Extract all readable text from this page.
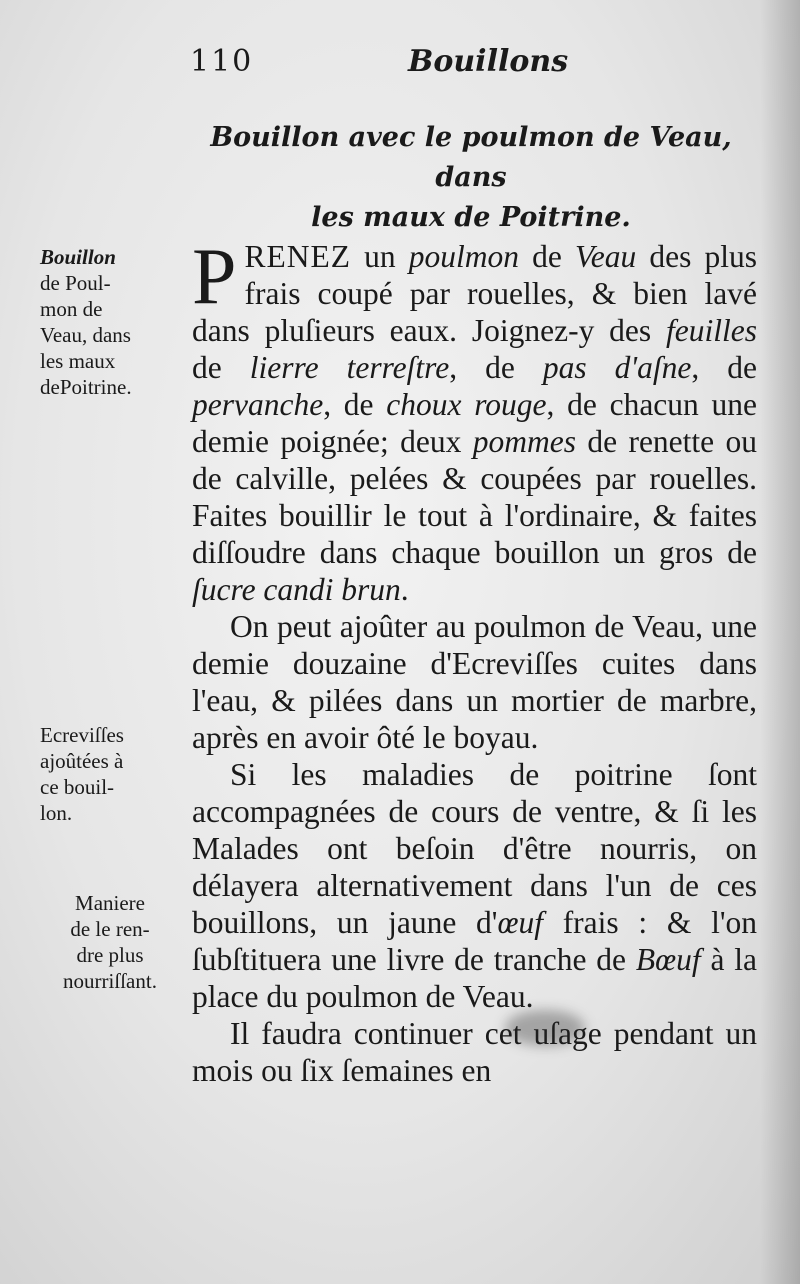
110	Bouillons
Bouillon avec le poulmon de Veau, dans
les maux de Poitrine.
Bouillon
de Poul-
mon de
Veau, dans
les maux
dePoitrine.
Ecreviſſes
ajoûtées à
ce bouil-
lon.
Maniere
de le ren-
dre plus
nourriſſant.

PRENEZ un poulmon de Veau des plus frais coupé par rouelles, & bien lavé dans pluſieurs eaux. Joignez-y des feuilles de lierre terreſtre, de pas d'aſne, de pervanche, de choux rouge, de chacun une demie poignée; deux pommes de renette ou de calville, pelées & coupées par rouelles. Faites bouillir le tout à l'ordinaire, & faites diſſoudre dans chaque bouillon un gros de ſucre candi brun.

On peut ajoûter au poulmon de Veau, une demie douzaine d'Ecreviſſes cuites dans l'eau, & pilées dans un mortier de marbre, après en avoir ôté le boyau.

Si les maladies de poitrine ſont accompagnées de cours de ventre, & ſi les Malades ont beſoin d'être nourris, on délayera alternativement dans l'un de ces bouillons, un jaune d'œuf frais : & l'on ſubſtituera une livre de tranche de Bœuf à la place du poulmon de Veau.

Il faudra continuer cet uſage pendant un mois ou ſix ſemaines en
